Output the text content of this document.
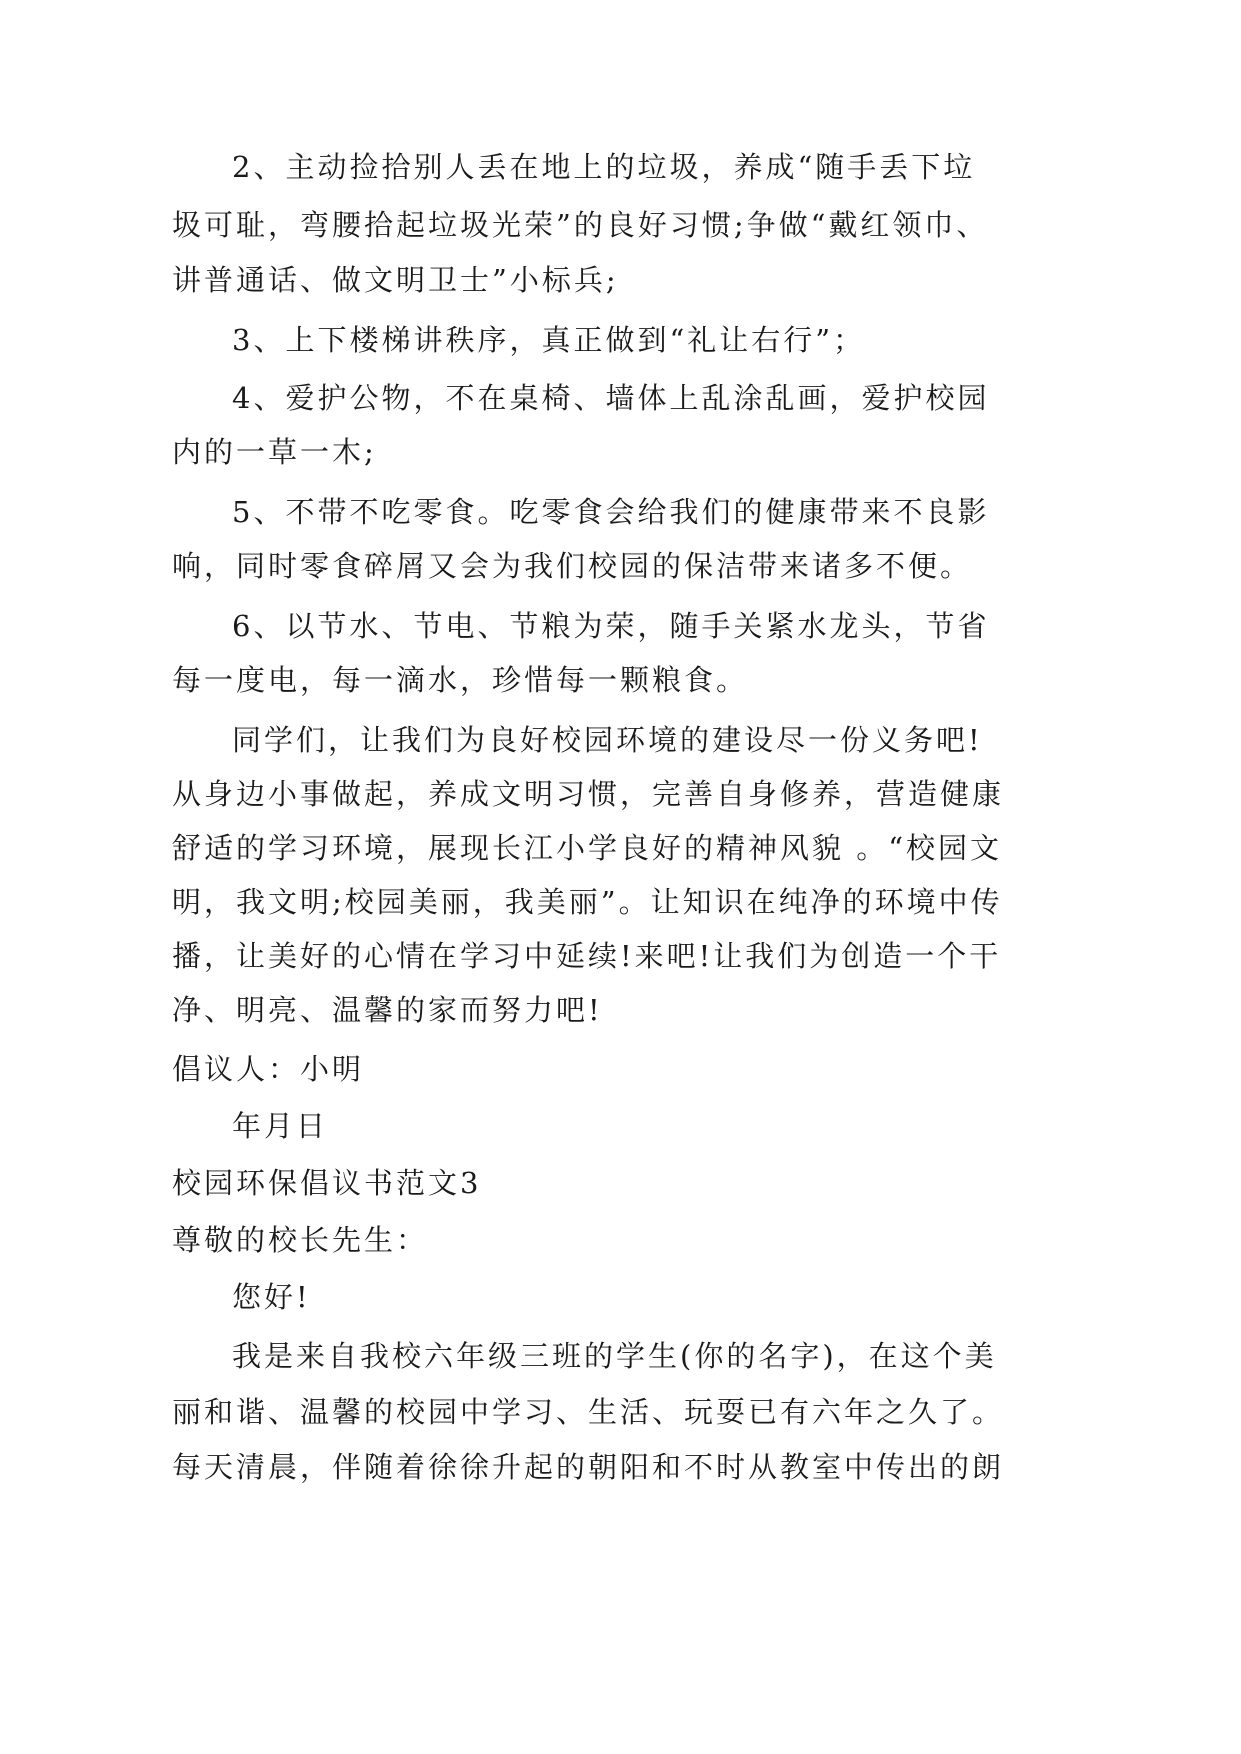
2、主动捡拾别人丢在地上的垃圾，养成“随手丢下垃
圾可耻，弯腰拾起垃圾光荣”的良好习惯;争做“戴红领巾、
讲普通话、做文明卫士”小标兵;
3、上下楼梯讲秩序，真正做到“礼让右行”；
4、爱护公物，不在桌椅、墙体上乱涂乱画，爱护校园
内的一草一木;
5、不带不吃零食。吃零食会给我们的健康带来不良影
响，同时零食碎屑又会为我们校园的保洁带来诸多不便。
6、以节水、节电、节粮为荣，随手关紧水龙头，节省
每一度电，每一滴水，珍惜每一颗粮食。
同学们，让我们为良好校园环境的建设尽一份义务吧!
从身边小事做起，养成文明习惯，完善自身修养，营造健康
舒适的学习环境，展现长江小学良好的精神风貌 。“校园文
明，我文明;校园美丽，我美丽”。让知识在纯净的环境中传
播，让美好的心情在学习中延续!来吧!让我们为创造一个干
净、明亮、温馨的家而努力吧!
倡议人：小明
年月日
校园环保倡议书范文3
尊敬的校长先生：
您好!
我是来自我校六年级三班的学生(你的名字)，在这个美
丽和谐、温馨的校园中学习、生活、玩耍已有六年之久了。
每天清晨，伴随着徐徐升起的朝阳和不时从教室中传出的朗
